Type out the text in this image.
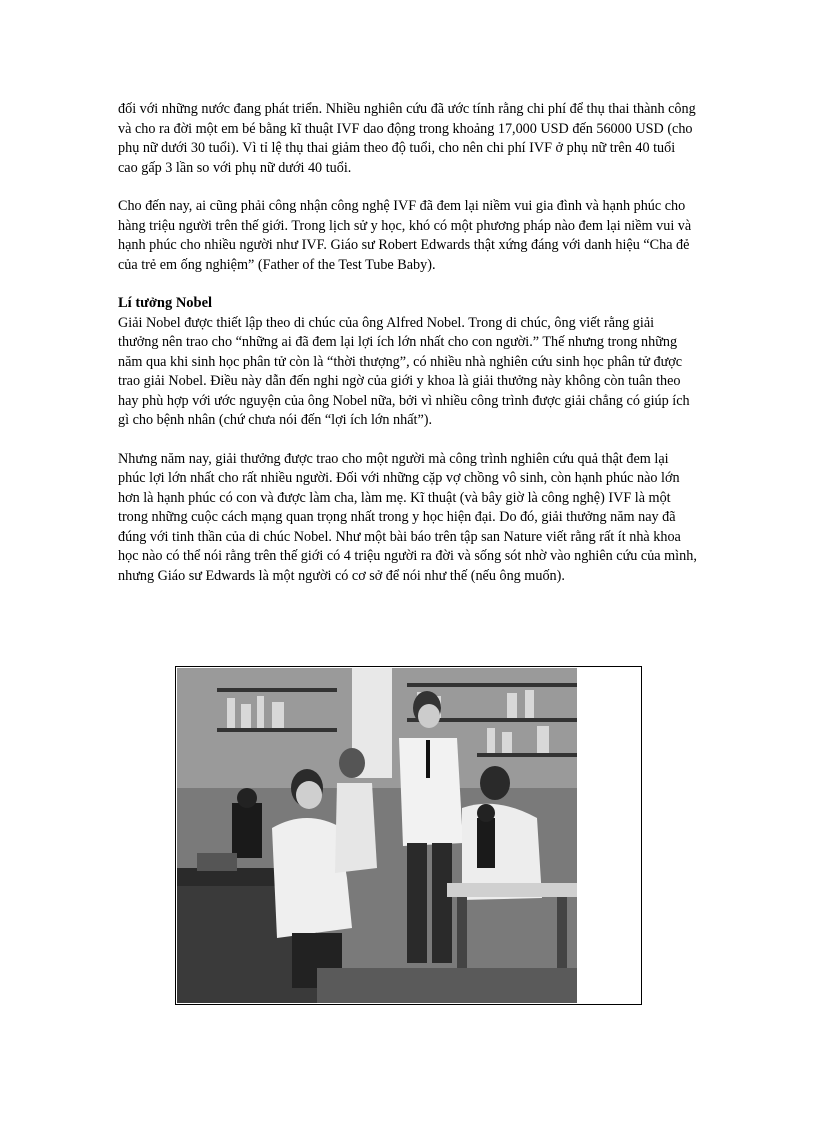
đối với những nước đang phát triển. Nhiều nghiên cứu đã ước tính rằng chi phí để thụ thai thành công và cho ra đời một em bé bằng kĩ thuật IVF dao động trong khoảng 17,000 USD đến 56000 USD (cho phụ nữ dưới 30 tuổi). Vì tỉ lệ thụ thai giảm theo độ tuổi, cho nên chi phí IVF ở phụ nữ trên 40 tuổi cao gấp 3 lần so với phụ nữ dưới 40 tuổi.

Cho đến nay, ai cũng phải công nhận công nghệ IVF đã đem lại niềm vui gia đình và hạnh phúc cho hàng triệu người trên thế giới. Trong lịch sử y học, khó có một phương pháp nào đem lại niềm vui và hạnh phúc cho nhiều người như IVF. Giáo sư Robert Edwards thật xứng đáng với danh hiệu “Cha đẻ của trẻ em ống nghiệm” (Father of the Test Tube Baby).

Lí tưởng Nobel

Giải Nobel được thiết lập theo di chúc của ông Alfred Nobel. Trong di chúc, ông viết rằng giải thưởng nên trao cho “những ai đã đem lại lợi ích lớn nhất cho con người.” Thế nhưng trong những năm qua khi sinh học phân tử còn là “thời thượng”, có nhiều nhà nghiên cứu sinh học phân tử được trao giải Nobel. Điều này dẫn đến nghi ngờ của giới y khoa là giải thưởng này không còn tuân theo hay phù hợp với ước nguyện của ông Nobel nữa, bởi vì nhiều công trình được giải chẳng có giúp ích gì cho bệnh nhân (chứ chưa nói đến “lợi ích lớn nhất”).

Nhưng năm nay, giải thưởng được trao cho một người mà công trình nghiên cứu quả thật đem lại phúc lợi lớn nhất cho rất nhiều người. Đối với những cặp vợ chồng vô sinh, còn hạnh phúc nào lớn hơn là hạnh phúc có con và được làm cha, làm mẹ. Kĩ thuật (và bây giờ là công nghệ) IVF là một trong những cuộc cách mạng quan trọng nhất trong y học hiện đại. Do đó, giải thưởng năm nay đã đúng với tinh thần của di chúc Nobel. Như một bài báo trên tập san Nature viết rằng rất ít nhà khoa học nào có thể nói rằng trên thế giới có 4 triệu người ra đời và sống sót nhờ vào nghiên cứu của mình, nhưng Giáo sư Edwards là một người có cơ sở để nói như thế (nếu ông muốn).
